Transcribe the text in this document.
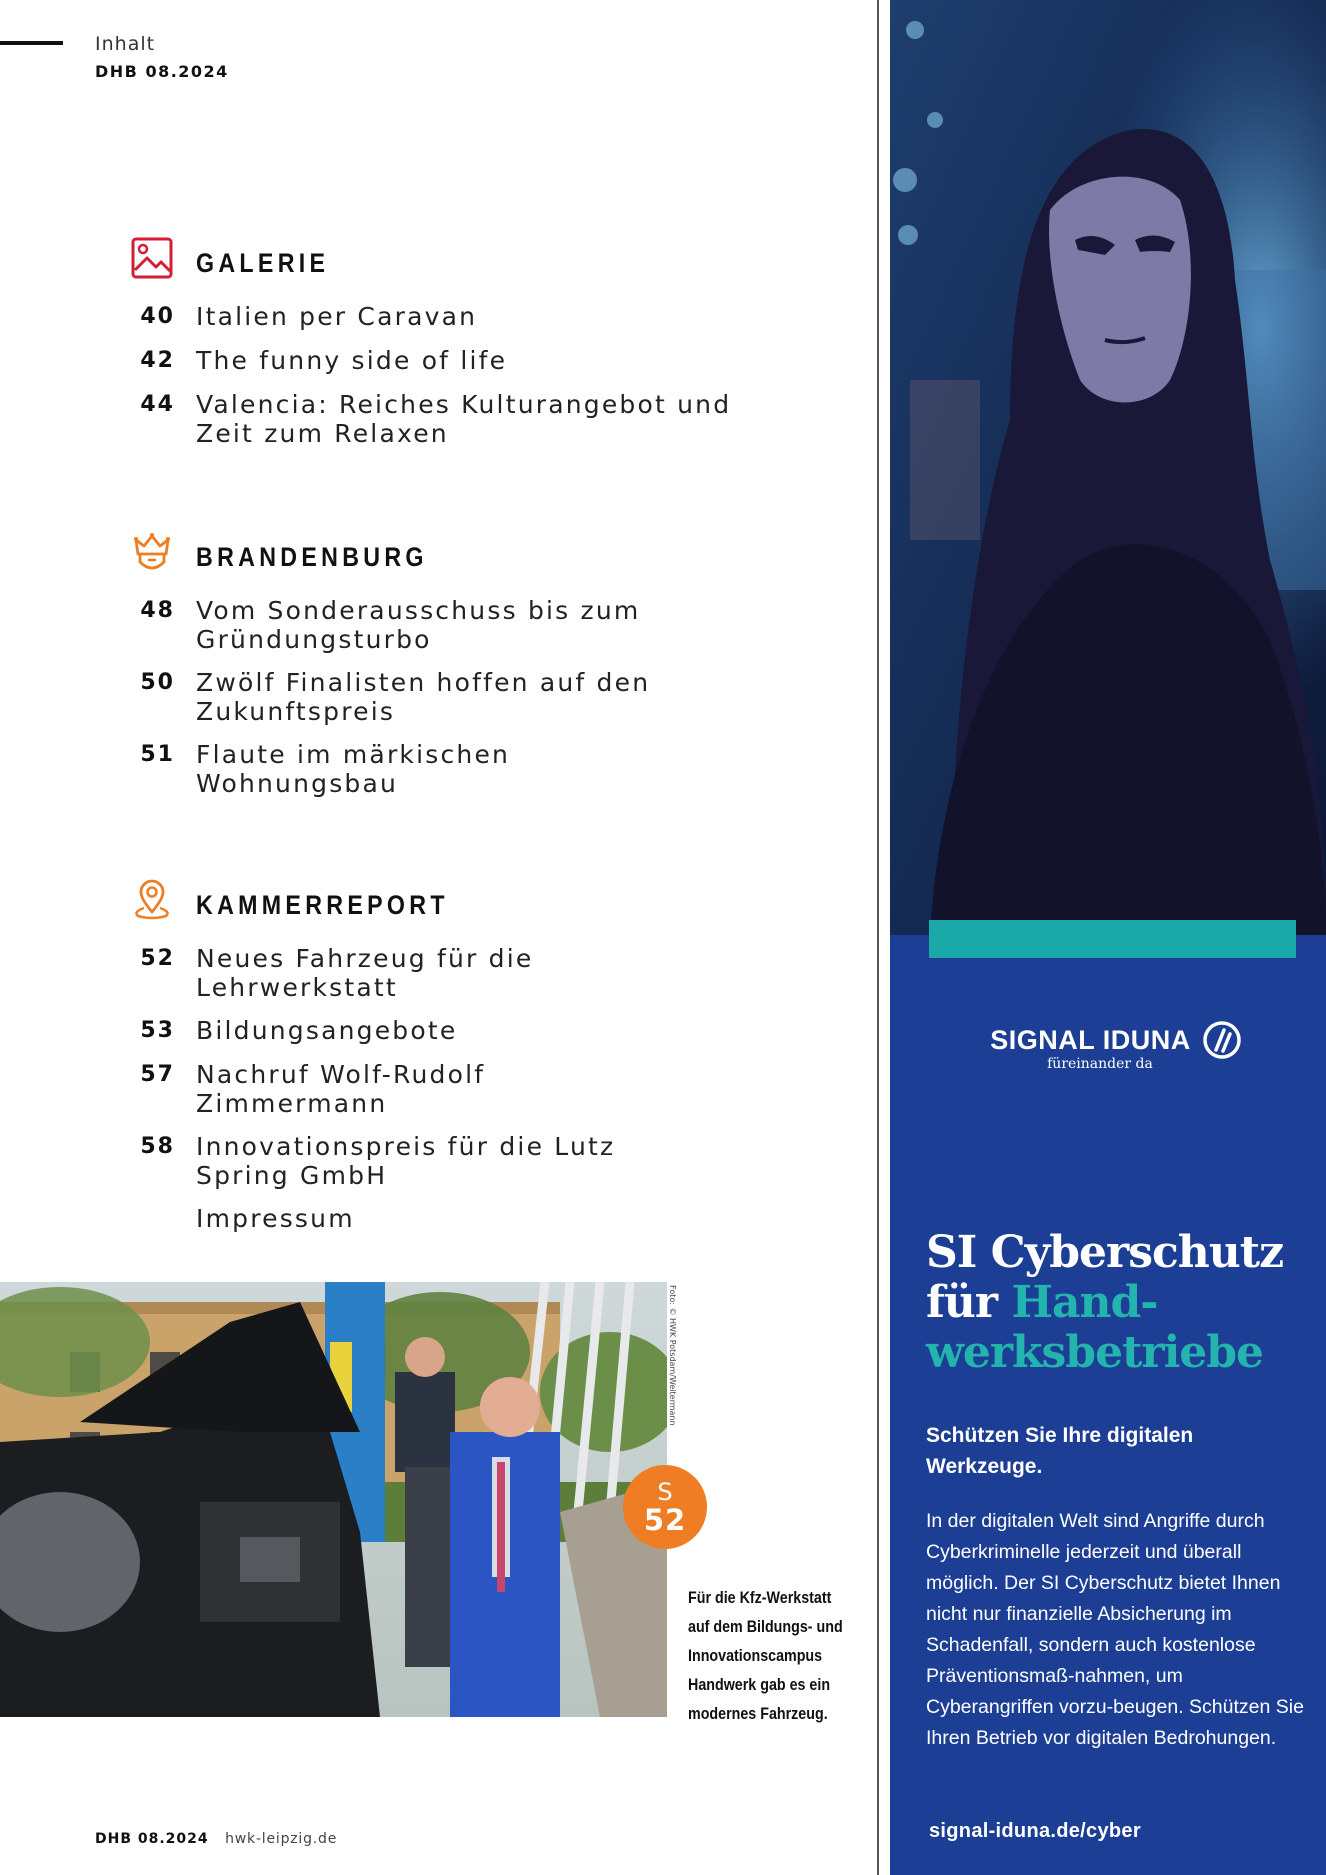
Inhalt
DHB 08.2024
GALERIE
40 Italien per Caravan
42 The funny side of life
44 Valencia: Reiches Kulturangebot und Zeit zum Relaxen
BRANDENBURG
48 Vom Sonderausschuss bis zum Gründungsturbo
50 Zwölf Finalisten hoffen auf den Zukunftspreis
51 Flaute im märkischen Wohnungsbau
KAMMERREPORT
52 Neues Fahrzeug für die Lehrwerkstatt
53 Bildungsangebote
57 Nachruf Wolf-Rudolf Zimmermann
58 Innovationspreis für die Lutz Spring GmbH
Impressum
Foto: © HWK Potsdam/Weitermann
S
52
Für die Kfz-Werkstatt auf dem Bildungs- und Innovationscampus Handwerk gab es ein modernes Fahrzeug.
DHB 08.2024 hwk-leipzig.de
SIGNAL IDUNA
füreinander da
SI Cyberschutz
für Hand-
werksbetriebe
Schützen Sie Ihre digitalen Werkzeuge.
In der digitalen Welt sind Angriffe durch Cyberkriminelle jederzeit und überall möglich. Der SI Cyberschutz bietet Ihnen nicht nur finanzielle Absicherung im Schadenfall, sondern auch kostenlose Präventionsmaß-nahmen, um Cyberangriffen vorzu-beugen. Schützen Sie Ihren Betrieb vor digitalen Bedrohungen.
signal-iduna.de/cyber
